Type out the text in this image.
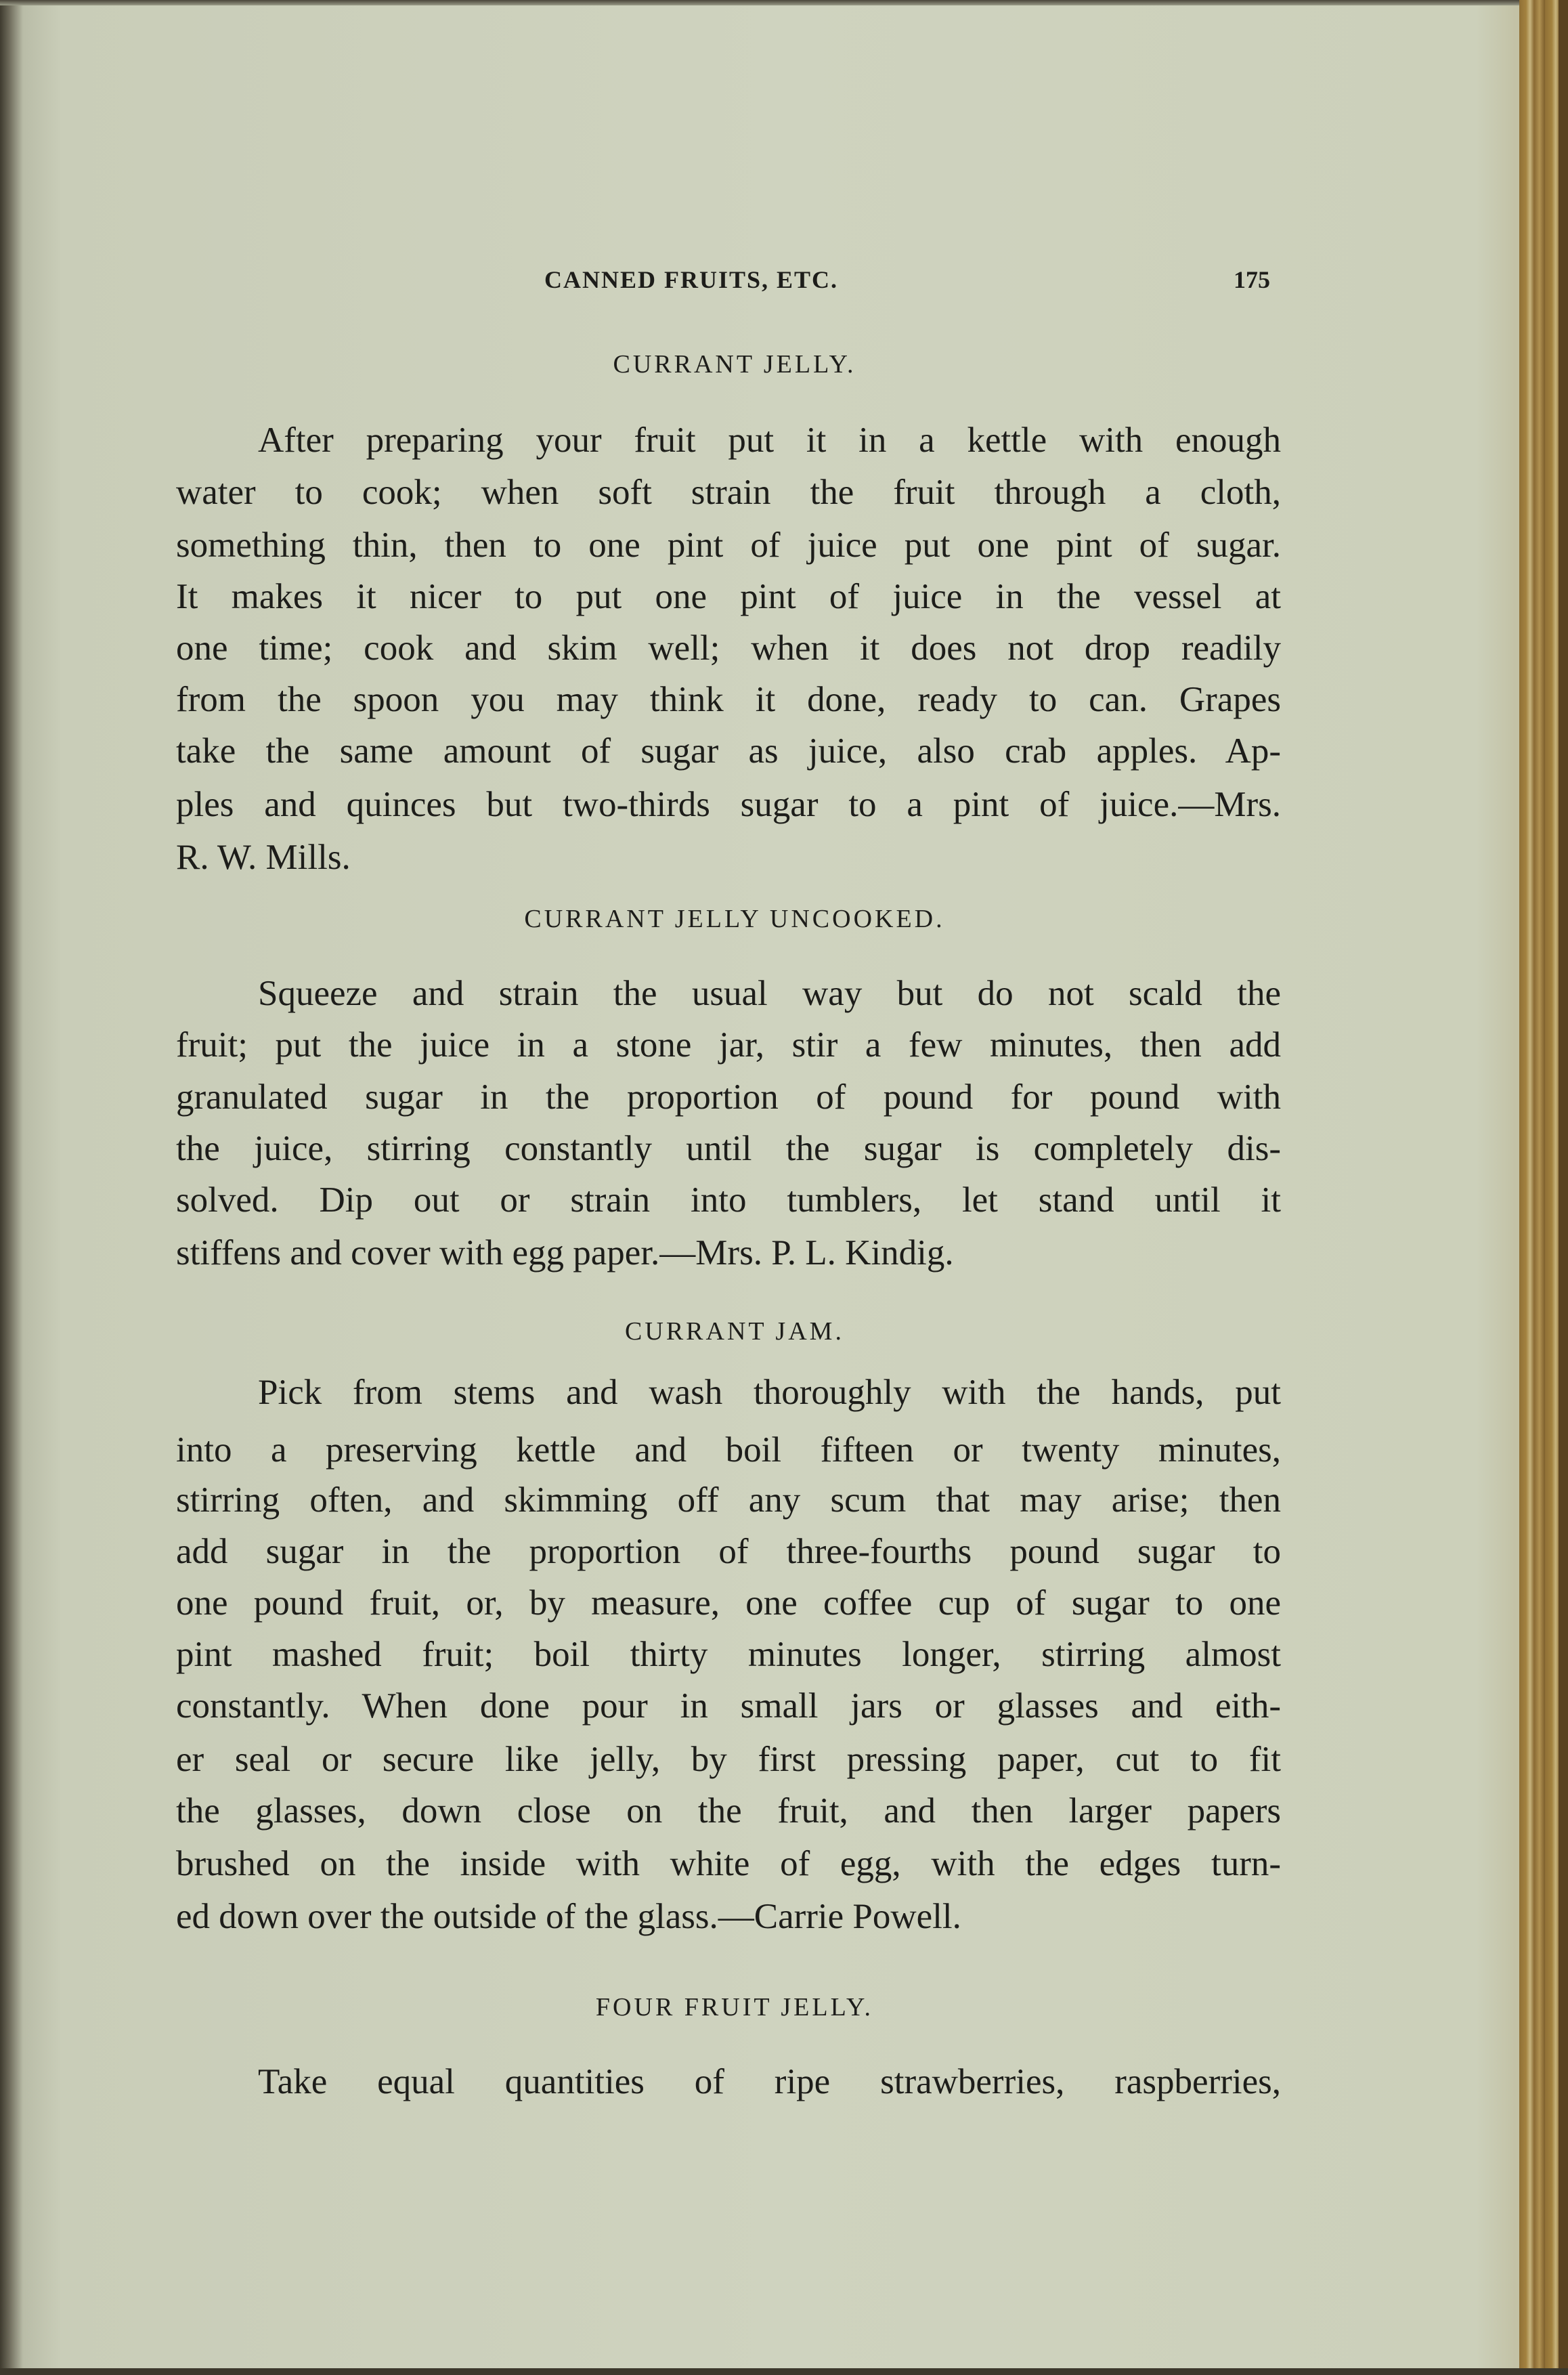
CANNED FRUITS, ETC.	175
CURRANT JELLY.
After preparing your fruit put it in a kettle with enough
water to cook; when soft strain the fruit through a cloth,
something thin, then to one pint of juice put one pint of sugar.
It makes it nicer to put one pint of juice in the vessel at
one time; cook and skim well; when it does not drop readily
from the spoon you may think it done, ready to can. Grapes
take the same amount of sugar as juice, also crab apples. Ap-
ples and quinces but two-thirds sugar to a pint of juice.—Mrs.
R. W. Mills.
CURRANT JELLY UNCOOKED.
Squeeze and strain the usual way but do not scald the
fruit; put the juice in a stone jar, stir a few minutes, then add
granulated sugar in the proportion of pound for pound with
the juice, stirring constantly until the sugar is completely dis-
solved. Dip out or strain into tumblers, let stand until it
stiffens and cover with egg paper.—Mrs. P. L. Kindig.
CURRANT JAM.
Pick from stems and wash thoroughly with the hands, put
into a preserving kettle and boil fifteen or twenty minutes,
stirring often, and skimming off any scum that may arise; then
add sugar in the proportion of three-fourths pound sugar to
one pound fruit, or, by measure, one coffee cup of sugar to one
pint mashed fruit; boil thirty minutes longer, stirring almost
constantly. When done pour in small jars or glasses and eith-
er seal or secure like jelly, by first pressing paper, cut to fit
the glasses, down close on the fruit, and then larger papers
brushed on the inside with white of egg, with the edges turn-
ed down over the outside of the glass.—Carrie Powell.
FOUR FRUIT JELLY.
Take equal quantities of ripe strawberries, raspberries,
